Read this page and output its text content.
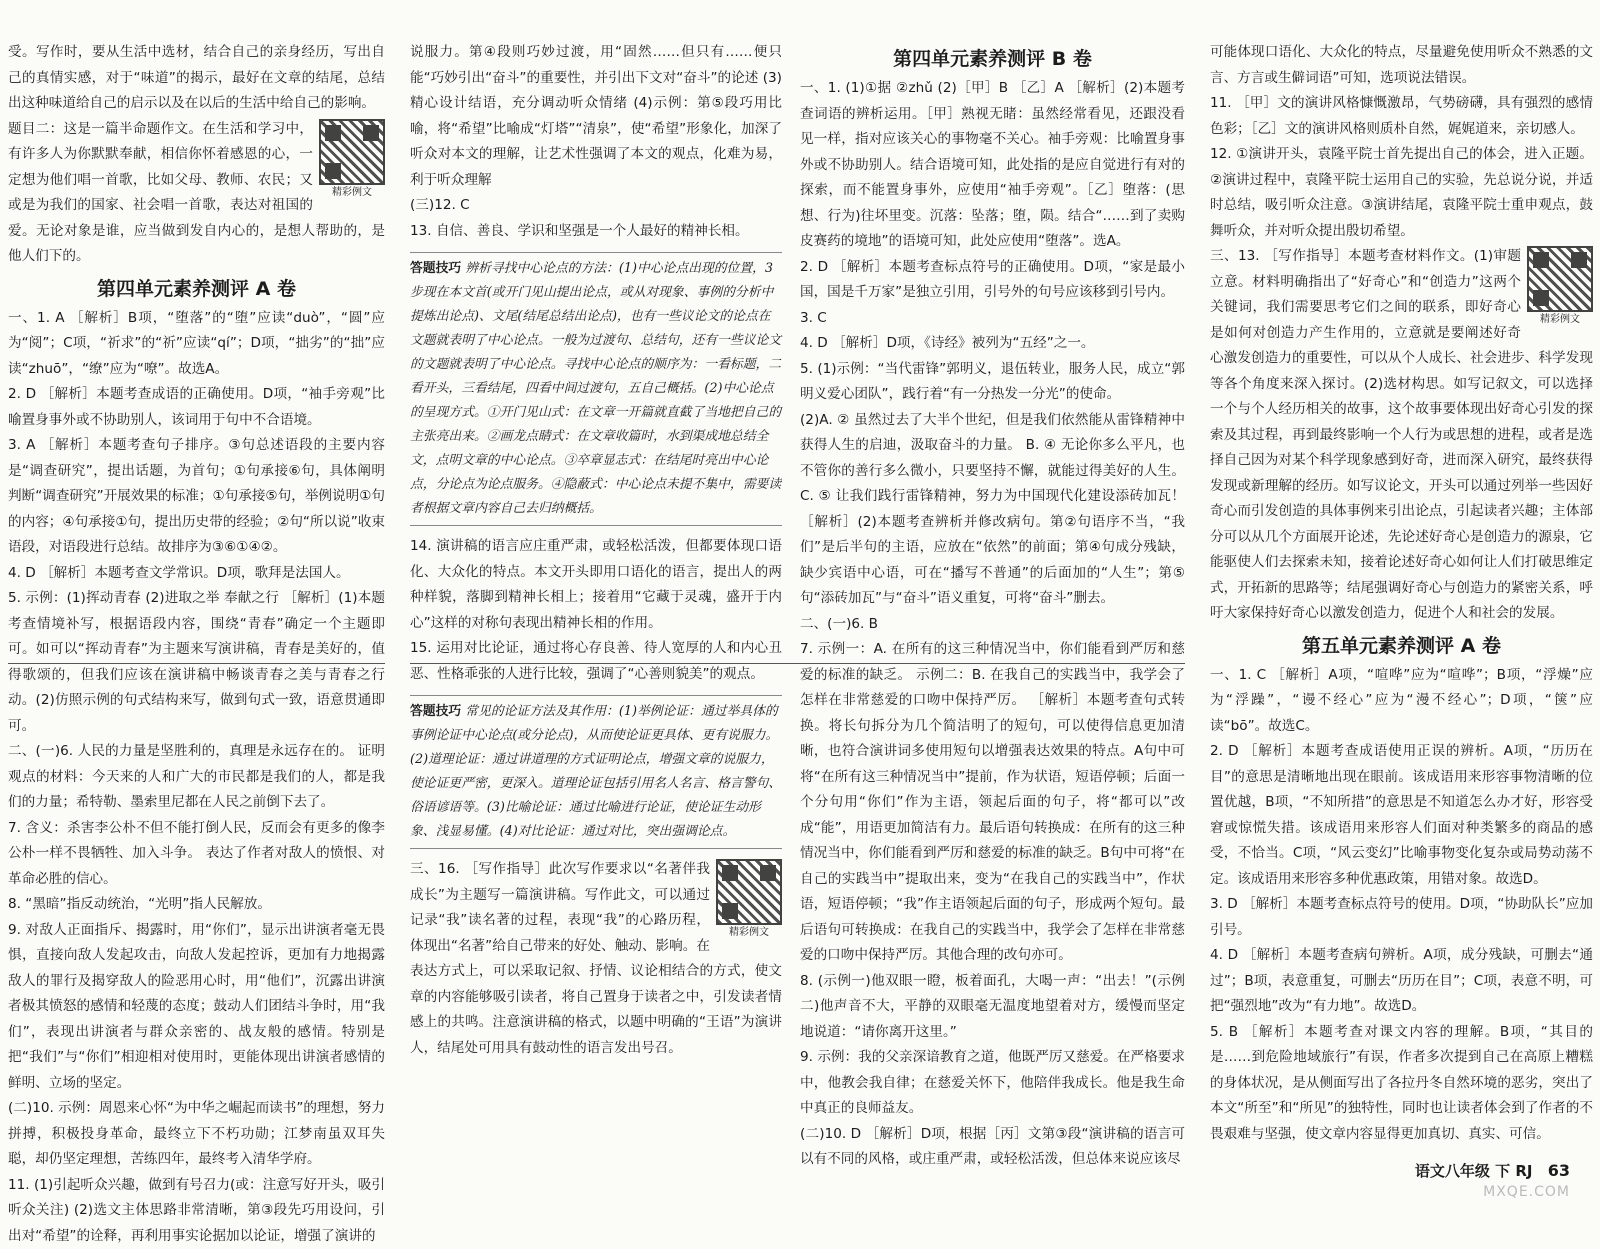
受。写作时，要从生活中选材，结合自己的亲身经历，写出自己的真情实感，对于“味道”的揭示，最好在文章的结尾，总结出这种味道给自己的启示以及在以后的生活中给自己的影响。

精彩例文
题目二：这是一篇半命题作文。在生活和学习中，有许多人为你默默奉献，相信你怀着感恩的心，一定想为他们唱一首歌，比如父母、教师、农民；又或是为我们的国家、社会唱一首歌，表达对祖国的爱。无论对象是谁，应当做到发自内心的，是想人帮助的，是他人们下的。

第四单元素养测评 A 卷

一、1. A ［解析］B项，“堕落”的“堕”应读“duò”，“圆”应为“阅”；C项，“祈求”的“祈”应读“qí”；D项，“拙劣”的“拙”应读“zhuō”，“缭”应为“嘹”。故选A。

2. D ［解析］本题考查成语的正确使用。D项，“袖手旁观”比喻置身事外或不协助别人，该词用于句中不合语境。

3. A ［解析］本题考查句子排序。③句总述语段的主要内容是“调查研究”，提出话题，为首句；①句承接⑥句，具体阐明判断“调查研究”开展效果的标准；①句承接⑤句，举例说明①句的内容；④句承接①句，提出历史带的经验；②句“所以说”收束语段，对语段进行总结。故排序为③⑥①④②。

4. D ［解析］本题考查文学常识。D项，歌拜是法国人。

5. 示例：(1)挥动青春 (2)进取之举 奉献之行 ［解析］(1)本题考查情境补写，根据语段内容，围绕“青春”确定一个主题即可。如可以“挥动青春”为主题来写演讲稿，青春是美好的，值得歌颂的，但我们应该在演讲稿中畅谈青春之美与青春之行动。(2)仿照示例的句式结构来写，做到句式一致，语意贯通即可。

二、(一)6. 人民的力量是坚胜利的，真理是永远存在的。 证明观点的材料：今天来的人和广大的市民都是我们的人，都是我们的力量；希特勒、墨索里尼都在人民之前倒下去了。

7. 含义：杀害李公朴不但不能打倒人民，反而会有更多的像李公朴一样不畏牺牲、加入斗争。 表达了作者对敌人的愤恨、对革命必胜的信心。

8. “黑暗”指反动统治，“光明”指人民解放。

9. 对敌人正面指斥、揭露时，用“你们”，显示出讲演者毫无畏惧，直接向敌人发起攻击，向敌人发起控诉，更加有力地揭露敌人的罪行及揭穿敌人的险恶用心时，用“他们”，沉露出讲演者极其愤怒的感情和轻蔑的态度；鼓动人们团结斗争时，用“我们”，表现出讲演者与群众亲密的、战友般的感情。特别是把“我们”与“你们”相迎相对使用时，更能体现出讲演者感情的鲜明、立场的坚定。

(二)10. 示例：周恩来心怀“为中华之崛起而读书”的理想，努力拼搏，积极投身革命，最终立下不朽功勋；江梦南虽双耳失聪，却仍坚定理想，苦练四年，最终考入清华学府。

11. (1)引起听众兴趣，做到有号召力(或：注意写好开头，吸引听众关注) (2)选文主体思路非常清晰，第③段先巧用设问，引出对“希望”的诠释，再利用事实论据加以论证，增强了演讲的

说服力。第④段则巧妙过渡，用“固然……但只有……便只能“巧妙引出“奋斗”的重要性，并引出下文对“奋斗”的论述 (3)精心设计结语，充分调动听众情绪 (4)示例：第⑤段巧用比喻，将“希望”比喻成“灯塔”“清泉”，使“希望”形象化，加深了听众对本文的理解，让艺术性强调了本文的观点，化难为易，利于听众理解

(三)12. C

13. 自信、善良、学识和坚强是一个人最好的精神长相。

答题技巧 辨析寻找中心论点的方法：(1)中心论点出现的位置，3 步现在本文首(或开门见山提出论点，或从对现象、事例的分析中提炼出论点)、文尾(结尾总结出论点)，也有一些议论文的论点在文题就表明了中心论点。一般为过渡句、总结句，还有一些议论文的文题就表明了中心论点。寻找中心论点的顺序为：一看标题，二看开头，三看结尾，四看中间过渡句，五自己概括。(2)中心论点的呈现方式。①开门见山式：在文章一开篇就直截了当地把自己的主张亮出来。②画龙点睛式：在文章收篇时，水到渠成地总结全文，点明文章的中心论点。③卒章显志式：在结尾时亮出中心论点，分论点为论点服务。④隐蔽式：中心论点未提不集中，需要读者根据文章内容自己去归纳概括。

14. 演讲稿的语言应庄重严肃，或轻松活泼，但都要体现口语化、大众化的特点。本文开头即用口语化的语言，提出人的两种样貌，落脚到精神长相上；接着用“它藏于灵魂，盛开于内心”这样的对称句表现出精神长相的作用。

15. 运用对比论证，通过将心存良善、待人宽厚的人和内心丑恶、性格乖张的人进行比较，强调了“心善则貌美”的观点。

答题技巧 常见的论证方法及其作用：(1)举例论证：通过举具体的事例论证中心论点(或分论点)，从而使论证更具体、更有说服力。(2)道理论证：通过讲道理的方式证明论点，增强文章的说服力，使论证更严密，更深入。道理论证包括引用名人名言、格言警句、俗语谚语等。(3)比喻论证：通过比喻进行论证，使论证生动形象、浅显易懂。(4)对比论证：通过对比，突出强调论点。

精彩例文
三、16. ［写作指导］此次写作要求以“名著伴我成长”为主题写一篇演讲稿。写作此文，可以通过记录“我”读名著的过程，表现“我”的心路历程，体现出“名著”给自己带来的好处、触动、影响。在表达方式上，可以采取记叙、抒情、议论相结合的方式，使文章的内容能够吸引读者，将自己置身于读者之中，引发读者情感上的共鸣。注意演讲稿的格式，以题中明确的“王语”为演讲人，结尾处可用具有鼓动性的语言发出号召。

第四单元素养测评 B 卷

一、1. (1)①据 ②zhǔ (2)［甲］B ［乙］A ［解析］(2)本题考查词语的辨析运用。［甲］熟视无睹：虽然经常看见，还跟没看见一样，指对应该关心的事物毫不关心。袖手旁观：比喻置身事外或不协助别人。结合语境可知，此处指的是应自觉进行有对的探索，而不能置身事外，应使用“袖手旁观”。［乙］堕落：(思想、行为)往坏里变。沉落：坠落；堕，陨。结合“……到了卖购皮赛药的境地”的语境可知，此处应使用“堕落”。选A。

2. D ［解析］本题考查标点符号的正确使用。D项，“家是最小国，国是千万家”是独立引用，引号外的句号应该移到引号内。

3. C

4. D ［解析］D项，《诗经》被列为“五经”之一。

5. (1)示例：“当代雷锋”郭明义，退伍转业，服务人民，成立“郭明义爱心团队”，践行着“有一分热发一分光”的使命。

(2)A. ② 虽然过去了大半个世纪，但是我们依然能从雷锋精神中获得人生的启迪，汲取奋斗的力量。 B. ④ 无论你多么平凡，也不管你的善行多么微小，只要坚持不懈，就能过得美好的人生。 C. ⑤ 让我们践行雷锋精神，努力为中国现代化建设添砖加瓦！ ［解析］(2)本题考查辨析并修改病句。第②句语序不当，“我们”是后半句的主语，应放在“依然”的前面；第④句成分残缺，缺少宾语中心语，可在“播写不普通”的后面加的“人生”；第⑤句“添砖加瓦”与“奋斗”语义重复，可将“奋斗”删去。

二、(一)6. B

7. 示例一：A. 在所有的这三种情况当中，你们能看到严厉和慈爱的标准的缺乏。 示例二：B. 在我自己的实践当中，我学会了怎样在非常慈爱的口吻中保持严厉。 ［解析］本题考查句式转换。将长句拆分为几个简洁明了的短句，可以使得信息更加清晰，也符合演讲词多使用短句以增强表达效果的特点。A句中可将“在所有这三种情况当中”提前，作为状语，短语停顿；后面一个分句用“你们”作为主语，领起后面的句子，将“都可以”改成“能”，用语更加简洁有力。最后语句转换成：在所有的这三种情况当中，你们能看到严厉和慈爱的标准的缺乏。B句中可将“在自己的实践当中”提取出来，变为“在我自己的实践当中”，作状语，短语停顿；“我”作主语领起后面的句子，形成两个短句。最后语句可转换成：在我自己的实践当中，我学会了怎样在非常慈爱的口吻中保持严厉。其他合理的改句亦可。

8. (示例一)他双眼一瞪，板着面孔，大喝一声：“出去！”(示例二)他声音不大，平静的双眼毫无温度地望着对方，缓慢而坚定地说道：“请你离开这里。”

9. 示例：我的父亲深谙教育之道，他既严厉又慈爱。在严格要求中，他教会我自律；在慈爱关怀下，他陪伴我成长。他是我生命中真正的良师益友。

(二)10. D ［解析］D项，根据［丙］文第③段“演讲稿的语言可以有不同的风格，或庄重严肃，或轻松活泼，但总体来说应该尽

可能体现口语化、大众化的特点，尽量避免使用听众不熟悉的文言、方言或生僻词语”可知，选项说法错误。

11. ［甲］文的演讲风格慷慨激昂，气势磅礴，具有强烈的感情色彩；［乙］文的演讲风格则质朴自然，娓娓道来，亲切感人。

12. ①演讲开头，袁隆平院士首先提出自己的体会，进入正题。②演讲过程中，袁隆平院士运用自己的实验，先总说分说，并适时总结，吸引听众注意。③演讲结尾，袁隆平院士重申观点，鼓舞听众，并对听众提出殷切希望。

精彩例文
三、13. ［写作指导］本题考查材料作文。(1)审题立意。材料明确指出了“好奇心”和“创造力”这两个关键词，我们需要思考它们之间的联系，即好奇心是如何对创造力产生作用的，立意就是要阐述好奇心激发创造力的重要性，可以从个人成长、社会进步、科学发现等各个角度来深入探讨。(2)选材构思。如写记叙文，可以选择一个与个人经历相关的故事，这个故事要体现出好奇心引发的探索及其过程，再到最终影响一个人行为或思想的进程，或者是选择自己因为对某个科学现象感到好奇，进而深入研究，最终获得发现或新理解的经历。如写议论文，开头可以通过列举一些因好奇心而引发创造的具体事例来引出论点，引起读者兴趣；主体部分可以从几个方面展开论述，先论述好奇心是创造力的源泉，它能驱使人们去探索未知，接着论述好奇心如何让人们打破思维定式，开拓新的思路等；结尾强调好奇心与创造力的紧密关系，呼吁大家保持好奇心以激发创造力，促进个人和社会的发展。

第五单元素养测评 A 卷

一、1. C ［解析］A项，“喧哗”应为“喧哗”；B项，“浮燥”应为“浮躁”，“谩不经心”应为“漫不经心”；D项，“箧”应读“bō”。故选C。

2. D ［解析］本题考查成语使用正误的辨析。A项，“历历在目”的意思是清晰地出现在眼前。该成语用来形容事物清晰的位置优越，B项，“不知所措”的意思是不知道怎么办才好，形容受窘或惊慌失措。该成语用来形容人们面对种类繁多的商品的感受，不恰当。C项，“风云变幻”比喻事物变化复杂或局势动荡不定。该成语用来形容多种优惠政策，用错对象。故选D。

3. D ［解析］本题考查标点符号的使用。D项，“协助队长”应加引号。

4. D ［解析］本题考查病句辨析。A项，成分残缺，可删去“通过”；B项，表意重复，可删去“历历在目”；C项，表意不明，可把“强烈地”改为“有力地”。故选D。

5. B ［解析］本题考查对课文内容的理解。B项，“其目的是……到危险地域旅行”有误，作者多次提到自己在高原上糟糕的身体状况，是从侧面写出了各拉丹冬自然环境的恶劣，突出了本文“所至”和“所见”的独特性，同时也让读者体会到了作者的不畏艰难与坚强，使文章内容显得更加真切、真实、可信。

语文八年级 下 RJ 63
MXQE.COM
